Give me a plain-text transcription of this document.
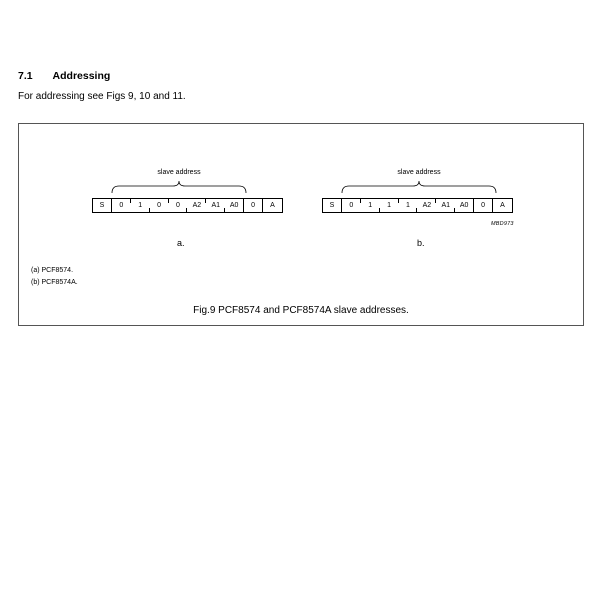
7.1 Addressing
For addressing see Figs 9, 10 and 11.
slave address
S	0	1	0	0	A2	A1	A0	0	A
a.
slave address
S	0	1	1	1	A2	A1	A0	0	A
MBD973
b.
(a) PCF8574.
(b) PCF8574A.
Fig.9 PCF8574 and PCF8574A slave addresses.
